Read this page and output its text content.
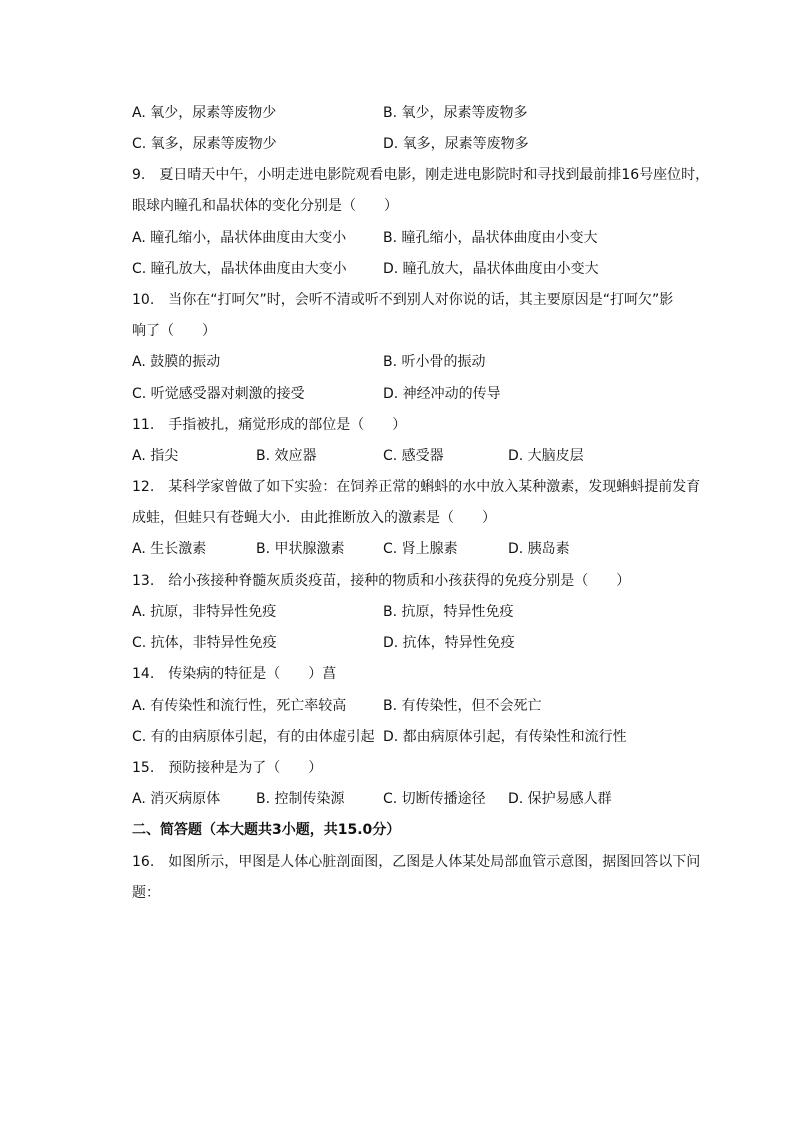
A. 氧少，尿素等废物少	B. 氧少，尿素等废物多
C. 氧多，尿素等废物少	D. 氧多，尿素等废物多
9.　夏日晴天中午，小明走进电影院观看电影，刚走进电影院时和寻找到最前排16号座位时，
眼球内瞳孔和晶状体的变化分别是（　　）
A. 瞳孔缩小，晶状体曲度由大变小	B. 瞳孔缩小，晶状体曲度由小变大
C. 瞳孔放大，晶状体曲度由大变小	D. 瞳孔放大，晶状体曲度由小变大
10.　当你在“打呵欠”时，会听不清或听不到别人对你说的话，其主要原因是“打呵欠”影
响了（　　）
A. 鼓膜的振动	B. 听小骨的振动
C. 听觉感受器对刺激的接受	D. 神经冲动的传导
11.　手指被扎，痛觉形成的部位是（　　）
A. 指尖	B. 效应器	C. 感受器	D. 大脑皮层
12.　某科学家曾做了如下实验：在饲养正常的蝌蚪的水中放入某种激素，发现蝌蚪提前发育
成蛙，但蛙只有苍蝇大小．由此推断放入的激素是（　　）
A. 生长激素	B. 甲状腺激素	C. 肾上腺素	D. 胰岛素
13.　给小孩接种脊髓灰质炎疫苗，接种的物质和小孩获得的免疫分别是（　　）
A. 抗原，非特异性免疫	B. 抗原，特异性免疫
C. 抗体，非特异性免疫	D. 抗体，特异性免疫
14.　传染病的特征是（　　）菖
A. 有传染性和流行性，死亡率较高	B. 有传染性，但不会死亡
C. 有的由病原体引起，有的由体虚引起 D. 都由病原体引起，有传染性和流行性
15.　预防接种是为了（　　）
A. 消灭病原体	B. 控制传染源	C. 切断传播途径 D. 保护易感人群
二、简答题（本大题共3小题，共15.0分）
16.　如图所示，甲图是人体心脏剖面图，乙图是人体某处局部血管示意图，据图回答以下问
题：
